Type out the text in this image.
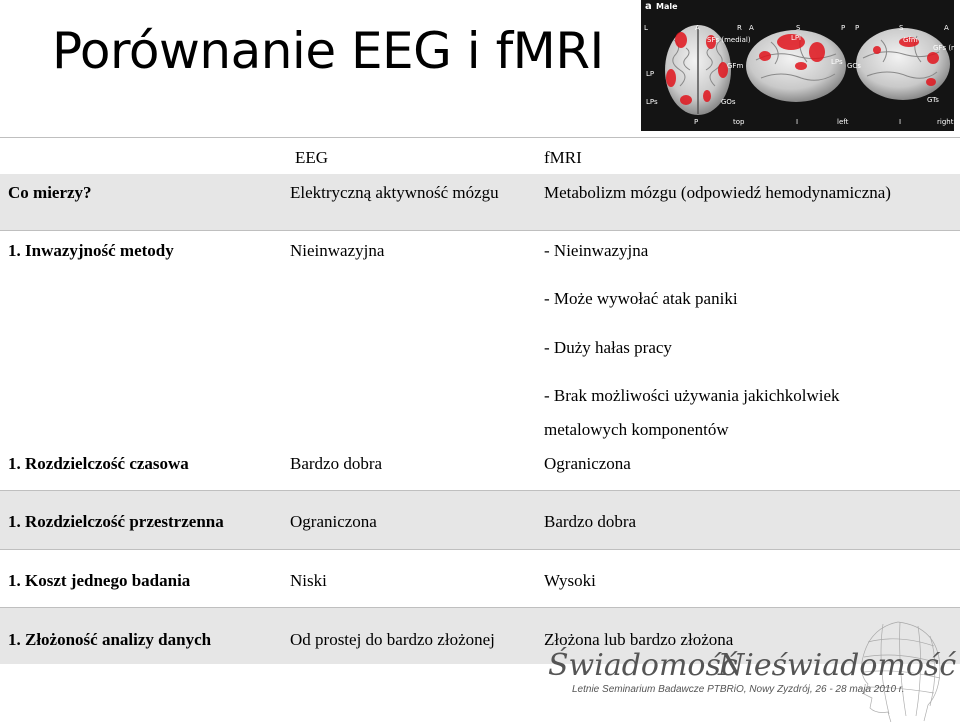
Porównanie EEG i fMRI
a Male
L	A	R A	S	P P	S	A
SFs (medial)	LPi	Gfm
GFs (medial)
GFm	LPs GCs
LP
LPs	GOs	GTs
P	top	I	left	I	right
EEG	fMRI
Co mierzy?	Elektryczną aktywność mózgu	Metabolizm mózgu (odpowiedź hemodynamiczna)
1. Inwazyjność metody	Nieinwazyjna	- Nieinwazyjna
- Może wywołać atak paniki
- Duży hałas pracy
- Brak możliwości używania jakichkolwiek
metalowych komponentów
1. Rozdzielczość czasowa	Bardzo dobra	Ograniczona
1. Rozdzielczość przestrzenna	Ograniczona	Bardzo dobra
1. Koszt jednego badania	Niski	Wysoki
1. Złożoność analizy danych	Od prostej do bardzo złożonej	Złożona lub bardzo złożona
Świadomość
Nieświadomość
Letnie Seminarium Badawcze PTBRiO, Nowy Zyzdrój, 26 - 28 maja 2010 r.
